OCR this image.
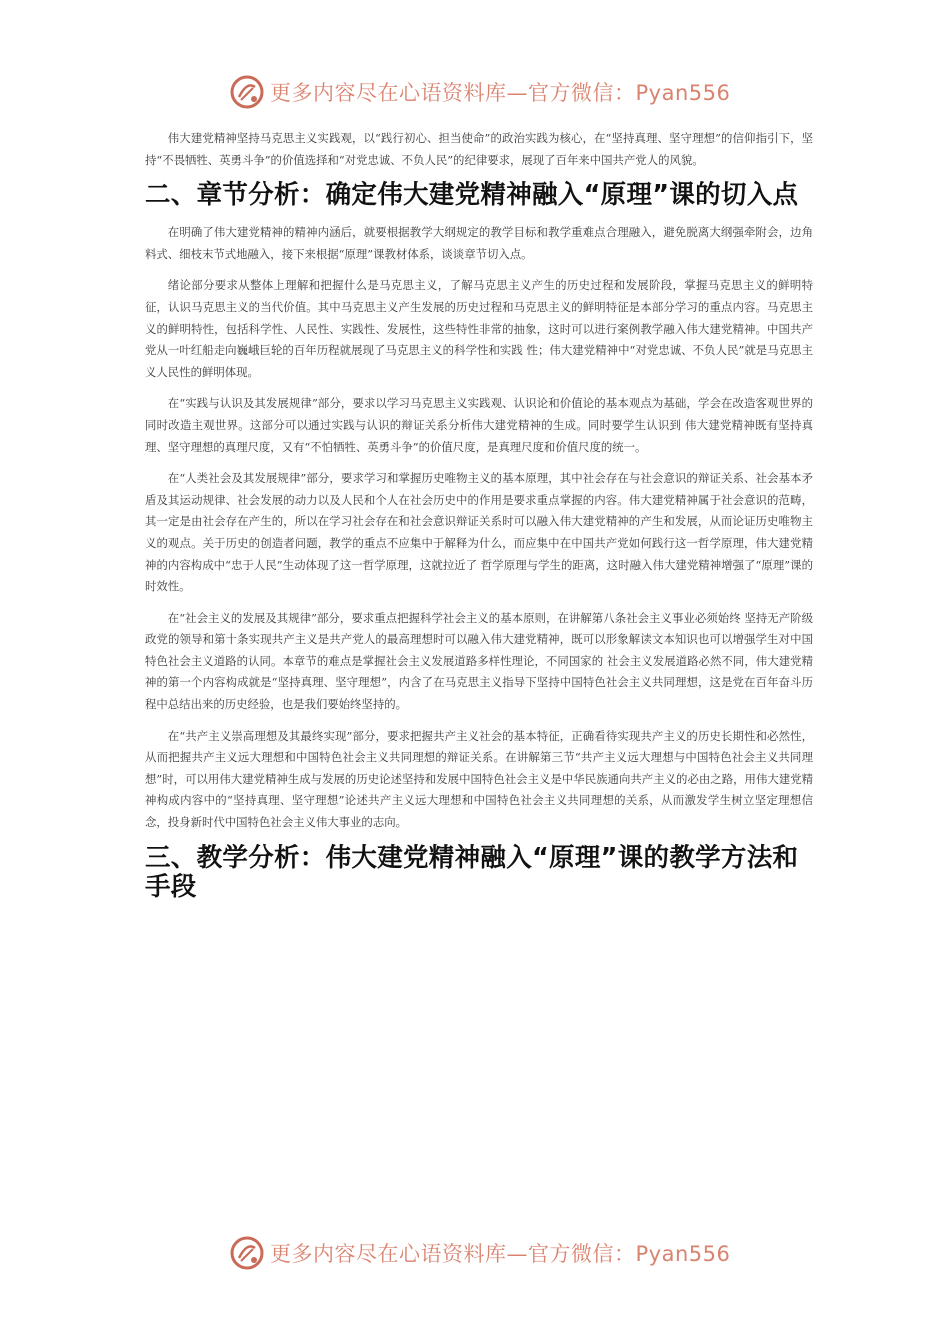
更多内容尽在心语资料库—官方微信：Pyan556

伟大建党精神坚持马克思主义实践观，以“践行初心、担当使命”的政治实践为核心，在“坚持真理、坚守理想”的信仰指引下，坚持“不畏牺牲、英勇斗争”的价值选择和“对党忠诚、不负人民”的纪律要求，展现了百年来中国共产党人的风貌。

二、章节分析：确定伟大建党精神融入“原理”课的切入点

在明确了伟大建党精神的精神内涵后，就要根据教学大纲规定的教学目标和教学重难点合理融入，避免脱离大纲强牵附会，边角料式、细枝末节式地融入，接下来根据“原理”课教材体系，谈谈章节切入点。

绪论部分要求从整体上理解和把握什么是马克思主义，了解马克思主义产生的历史过程和发展阶段，掌握马克思主义的鲜明特征，认识马克思主义的当代价值。其中马克思主义产生发展的历史过程和马克思主义的鲜明特征是本部分学习的重点内容。马克思主义的鲜明特性，包括科学性、人民性、实践性、发展性，这些特性非常的抽象，这时可以进行案例教学融入伟大建党精神。中国共产党从一叶红船走向巍峨巨轮的百年历程就展现了马克思主义的科学性和实践 性；伟大建党精神中“对党忠诚、不负人民”就是马克思主义人民性的鲜明体现。

在“实践与认识及其发展规律”部分，要求以学习马克思主义实践观、认识论和价值论的基本观点为基础，学会在改造客观世界的同时改造主观世界。这部分可以通过实践与认识的辩证关系分析伟大建党精神的生成。同时要学生认识到 伟大建党精神既有坚持真理、坚守理想的真理尺度，又有“不怕牺牲、英勇斗争”的价值尺度，是真理尺度和价值尺度的统一。

在“人类社会及其发展规律”部分，要求学习和掌握历史唯物主义的基本原理，其中社会存在与社会意识的辩证关系、社会基本矛盾及其运动规律、社会发展的动力以及人民和个人在社会历史中的作用是要求重点掌握的内容。伟大建党精神属于社会意识的范畴，其一定是由社会存在产生的，所以在学习社会存在和社会意识辩证关系时可以融入伟大建党精神的产生和发展，从而论证历史唯物主义的观点。关于历史的创造者问题，教学的重点不应集中于解释为什么，而应集中在中国共产党如何践行这一哲学原理，伟大建党精神的内容构成中“忠于人民”生动体现了这一哲学原理，这就拉近了 哲学原理与学生的距离，这时融入伟大建党精神增强了“原理”课的时效性。

在“社会主义的发展及其规律”部分，要求重点把握科学社会主义的基本原则，在讲解第八条社会主义事业必须始终 坚持无产阶级政党的领导和第十条实现共产主义是共产党人的最高理想时可以融入伟大建党精神，既可以形象解读文本知识也可以增强学生对中国特色社会主义道路的认同。本章节的难点是掌握社会主义发展道路多样性理论，不同国家的 社会主义发展道路必然不同，伟大建党精神的第一个内容构成就是“坚持真理、坚守理想”，内含了在马克思主义指导下坚持中国特色社会主义共同理想，这是党在百年奋斗历程中总结出来的历史经验，也是我们要始终坚持的。

在“共产主义崇高理想及其最终实现”部分，要求把握共产主义社会的基本特征，正确看待实现共产主义的历史长期性和必然性，从而把握共产主义远大理想和中国特色社会主义共同理想的辩证关系。在讲解第三节“共产主义远大理想与中国特色社会主义共同理想”时，可以用伟大建党精神生成与发展的历史论述坚持和发展中国特色社会主义是中华民族通向共产主义的必由之路，用伟大建党精神构成内容中的“坚持真理、坚守理想”论述共产主义远大理想和中国特色社会主义共同理想的关系，从而激发学生树立坚定理想信念，投身新时代中国特色社会主义伟大事业的志向。

三、教学分析：伟大建党精神融入“原理”课的教学方法和手段
更多内容尽在心语资料库—官方微信：Pyan556
